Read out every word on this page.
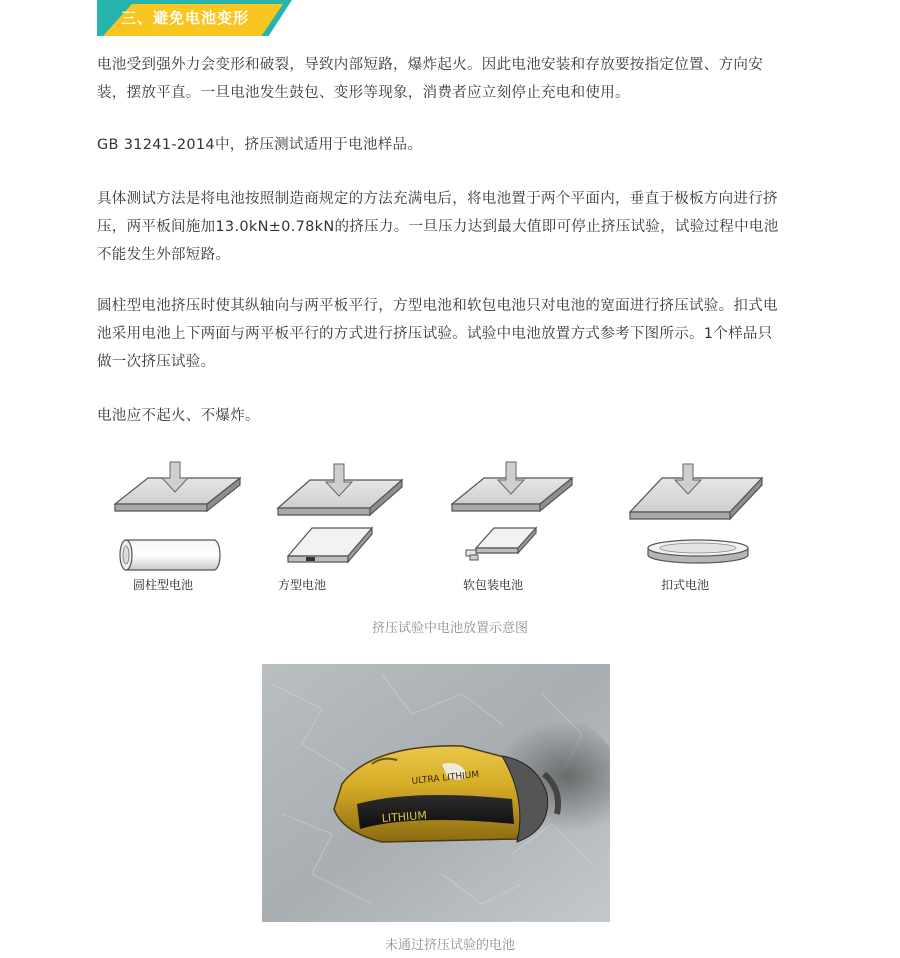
三、避免电池变形

电池受到强外力会变形和破裂，导致内部短路，爆炸起火。因此电池安装和存放要按指定位置、方向安装，摆放平直。一旦电池发生鼓包、变形等现象，消费者应立刻停止充电和使用。

GB 31241-2014中，挤压测试适用于电池样品。

具体测试方法是将电池按照制造商规定的方法充满电后，将电池置于两个平面内，垂直于极板方向进行挤压，两平板间施加13.0kN±0.78kN的挤压力。一旦压力达到最大值即可停止挤压试验，试验过程中电池不能发生外部短路。

圆柱型电池挤压时使其纵轴向与两平板平行，方型电池和软包电池只对电池的宽面进行挤压试验。扣式电池采用电池上下两面与两平板平行的方式进行挤压试验。试验中电池放置方式参考下图所示。1个样品只做一次挤压试验。

电池应不起火、不爆炸。

圆柱型电池	方型电池	软包装电池	扣式电池
挤压试验中电池放置示意图
LITHIUM
ULTRA LITHIUM
未通过挤压试验的电池
